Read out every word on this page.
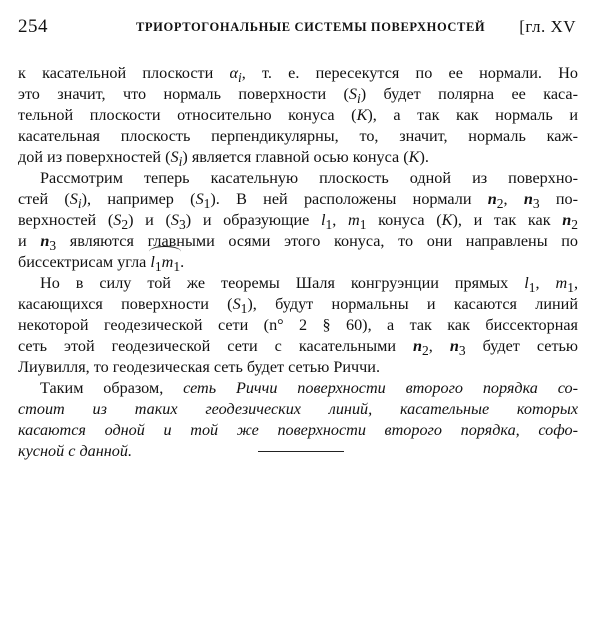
254	ТРИОРТОГОНАЛЬНЫЕ СИСТЕМЫ ПОВЕРХНОСТЕЙ [гл. XV
к касательной плоскости $\alpha_i$, т. е. пересекутся по ее нормали. Но
это значит, что нормаль поверхности $(S_i)$ будет полярна ее каса-
тельной плоскости относительно конуса (K), а так как нормаль и
касательная плоскость перпендикулярны, то, значит, нормаль каж-
дой из поверхностей $(S_i)$ является главной осью конуса (K).
Рассмотрим теперь касательную плоскость одной из поверхно-
стей $(S_i)$, например $(S_1)$. В ней расположены нормали $n_2$, $n_3$ по-
верхностей $(S_2)$ и $(S_3)$ и образующие $l_1$, $m_1$ конуса (K), и так как $n_2$
и $n_3$ являются главными осями этого конуса, то они направлены по
биссектрисам угла $l_1m_1$.
Но в силу той же теоремы Шаля конгруэнции прямых $l_1$, $m_1$,
касающихся поверхности $(S_1)$, будут нормальны и касаются линий
некоторой геодезической сети (n° 2 § 60), а так как биссекторная
сеть этой геодезической сети с касательными $n_2$, $n_3$ будет сетью
Лиувилля, то геодезическая сеть будет сетью Риччи.
Таким образом, сеть Риччи поверхности второго порядка со-
стоит из таких геодезических линий, касательные которых
касаются одной и той же поверхности второго порядка, софо-
кусной с данной.
